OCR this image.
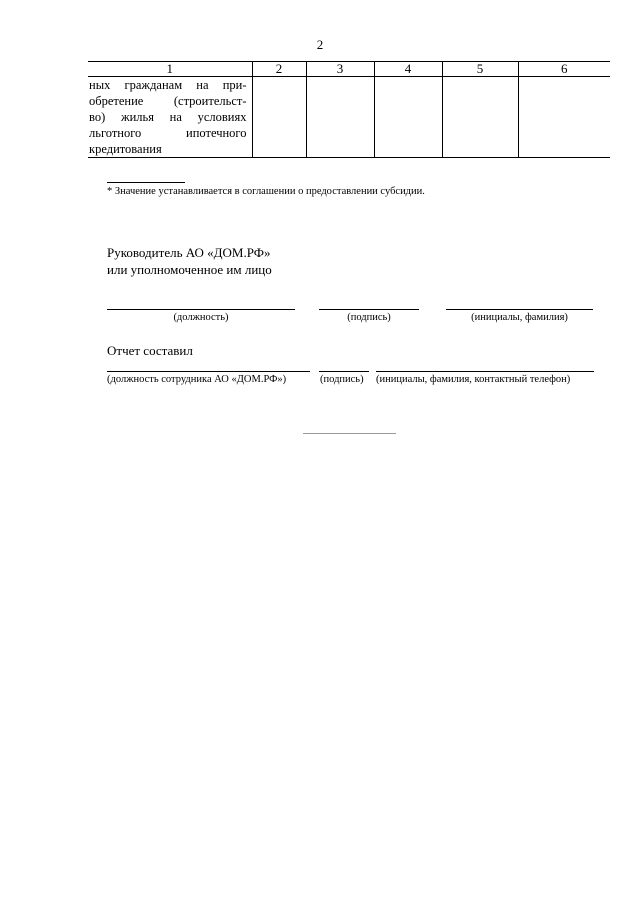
2
1	2	3	4	5	6

ных гражданам на при-
обретение (строительст-
во) жилья на условиях
льготного ипотечного
кредитования					

* Значение устанавливается в соглашении о предоставлении субсидии.
Руководитель АО «ДОМ.РФ»
или уполномоченное им лицо
(должность)	(подпись)	(инициалы, фамилия)
Отчет составил
(должность сотрудника АО «ДОМ.РФ»)	(подпись) (инициалы, фамилия, контактный телефон)
